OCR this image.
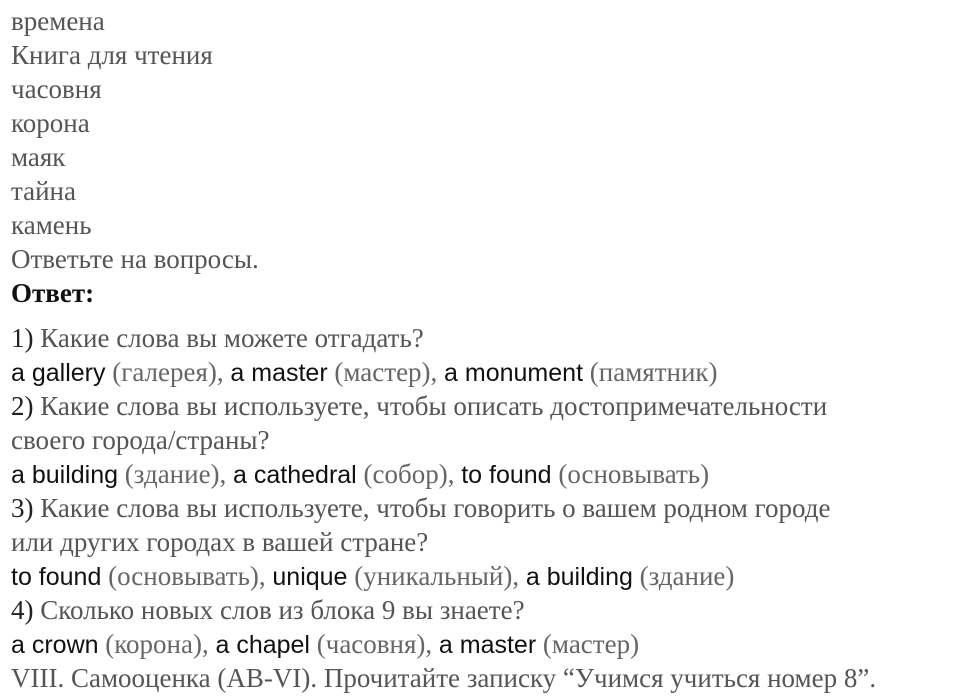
времена
Книга для чтения
часовня
корона
маяк
тайна
камень
Ответьте на вопросы.
Ответ:
1) Какие слова вы можете отгадать?
a gallery (галерея), a master (мастер), a monument (памятник)
2) Какие слова вы используете, чтобы описать достопримечательности
своего города/страны?
a building (здание), a cathedral (собор), to found (основывать)
3) Какие слова вы используете, чтобы говорить о вашем родном городе
или других городах в вашей стране?
to found (основывать), unique (уникальный), a building (здание)
4) Сколько новых слов из блока 9 вы знаете?
a crown (корона), a chapel (часовня), a master (мастер)
VIII. Самооценка (AB-VI). Прочитайте записку “Учимся учиться номер 8”.
